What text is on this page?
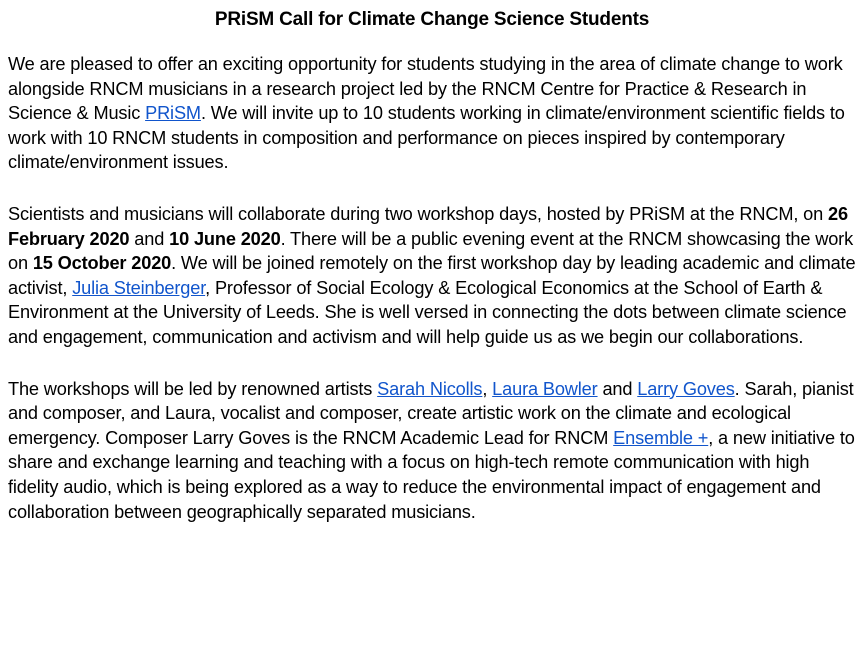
PRiSM Call for Climate Change Science Students

We are pleased to offer an exciting opportunity for students studying in the area of climate change to work alongside RNCM musicians in a research project led by the RNCM Centre for Practice & Research in Science & Music PRiSM. We will invite up to 10 students working in climate/environment scientific fields to work with 10 RNCM students in composition and performance on pieces inspired by contemporary climate/environment issues.

Scientists and musicians will collaborate during two workshop days, hosted by PRiSM at the RNCM, on 26 February 2020 and 10 June 2020. There will be a public evening event at the RNCM showcasing the work on 15 October 2020. We will be joined remotely on the first workshop day by leading academic and climate activist, Julia Steinberger, Professor of Social Ecology & Ecological Economics at the School of Earth & Environment at the University of Leeds. She is well versed in connecting the dots between climate science and engagement, communication and activism and will help guide us as we begin our collaborations.

The workshops will be led by renowned artists Sarah Nicolls, Laura Bowler and Larry Goves. Sarah, pianist and composer, and Laura, vocalist and composer, create artistic work on the climate and ecological emergency. Composer Larry Goves is the RNCM Academic Lead for RNCM Ensemble +, a new initiative to share and exchange learning and teaching with a focus on high-tech remote communication with high fidelity audio, which is being explored as a way to reduce the environmental impact of engagement and collaboration between geographically separated musicians.
